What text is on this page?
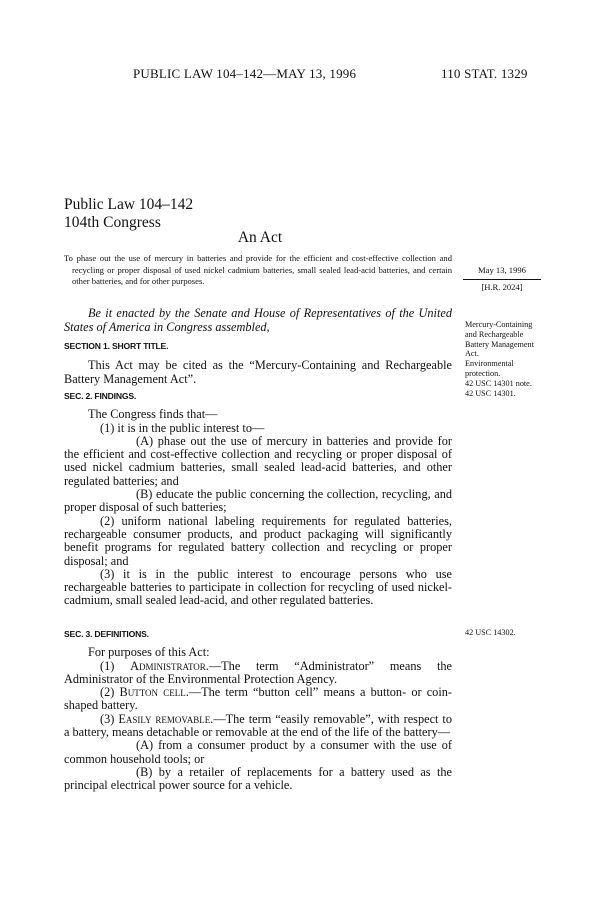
PUBLIC LAW 104–142—MAY 13, 1996	110 STAT. 1329
Public Law 104–142
104th Congress
An Act

To phase out the use of mercury in batteries and provide for the efficient and cost-effective collection and recycling or proper disposal of used nickel cadmium batteries, small sealed lead-acid batteries, and certain other batteries, and for other purposes.

May 13, 1996
[H.R. 2024]

Be it enacted by the Senate and House of Representatives of the United States of America in Congress assembled,	Mercury-Containing and Rechargeable Battery Management Act.
Environmental protection.
42 USC 14301 note.
42 USC 14301.
42 USC 14302.
SECTION 1. SHORT TITLE.

This Act may be cited as the “Mercury-Containing and Rechargeable Battery Management Act”.

SEC. 2. FINDINGS.

The Congress finds that—

(1) it is in the public interest to—

(A) phase out the use of mercury in batteries and provide for the efficient and cost-effective collection and recycling or proper disposal of used nickel cadmium batteries, small sealed lead-acid batteries, and other regulated batteries; and

(B) educate the public concerning the collection, recycling, and proper disposal of such batteries;

(2) uniform national labeling requirements for regulated batteries, rechargeable consumer products, and product packaging will significantly benefit programs for regulated battery collection and recycling or proper disposal; and

(3) it is in the public interest to encourage persons who use rechargeable batteries to participate in collection for recycling of used nickel-cadmium, small sealed lead-acid, and other regulated batteries.

SEC. 3. DEFINITIONS.

For purposes of this Act:

(1) Administrator.—The term “Administrator” means the Administrator of the Environmental Protection Agency.

(2) Button cell.—The term “button cell” means a button- or coin-shaped battery.

(3) Easily removable.—The term “easily removable”, with respect to a battery, means detachable or removable at the end of the life of the battery—

(A) from a consumer product by a consumer with the use of common household tools; or

(B) by a retailer of replacements for a battery used as the principal electrical power source for a vehicle.
